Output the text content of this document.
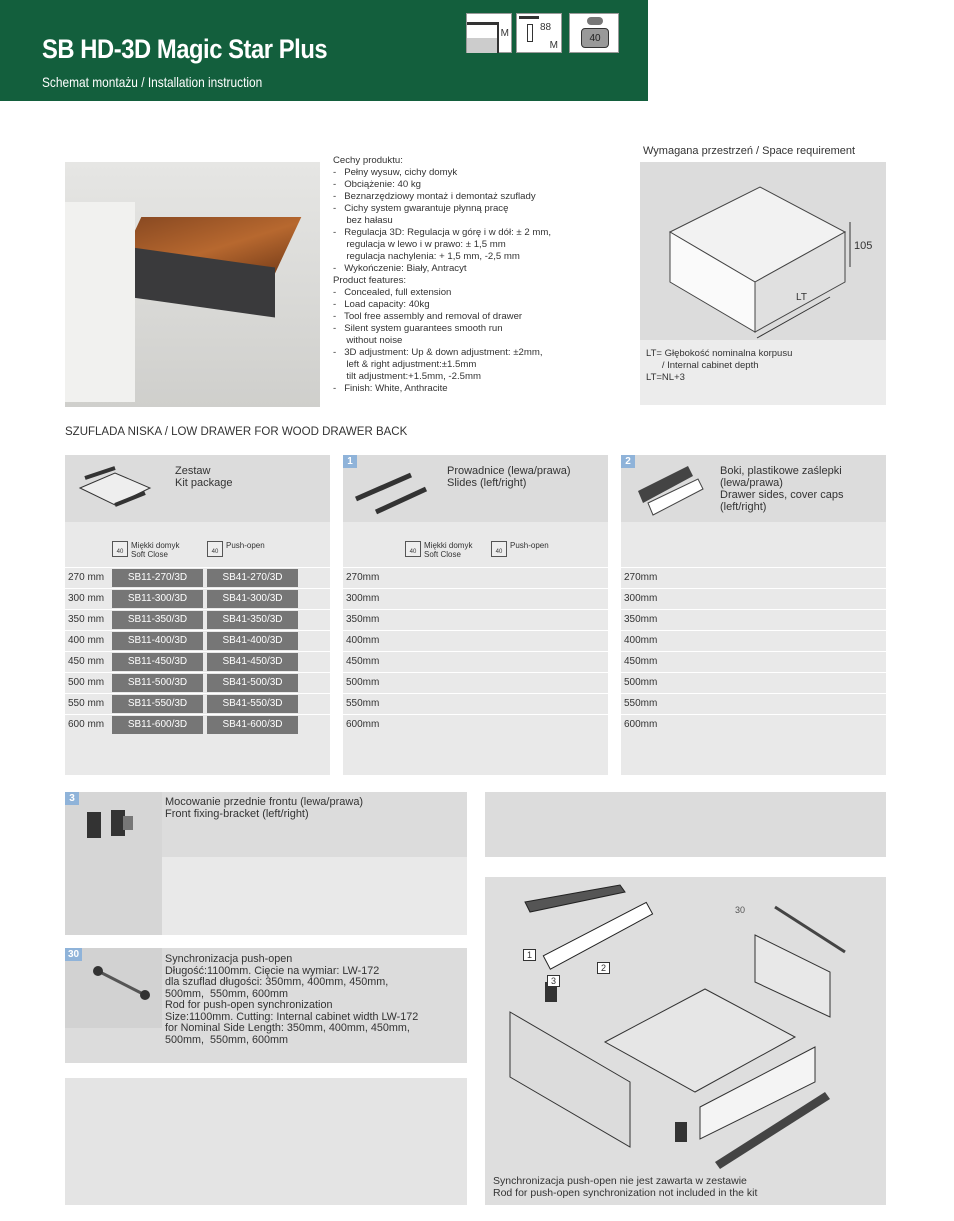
SB HD-3D Magic Star Plus
Schemat montażu / Installation instruction
M
88
M
40
Cechy produktu:
-   Pełny wysuw, cichy domyk
-   Obciążenie: 40 kg
-   Beznarzędziowy montaż i demontaż szuflady
-   Cichy system gwarantuje płynną pracę
bez hałasu
-   Regulacja 3D: Regulacja w górę i w dół: ± 2 mm,
regulacja w lewo i w prawo: ± 1,5 mm
regulacja nachylenia: + 1,5 mm, -2,5 mm
-   Wykończenie: Biały, Antracyt
Product features:
-   Concealed, full extension
-   Load capacity: 40kg
-   Tool free assembly and removal of drawer
-   Silent system guarantees smooth run
without noise
-   3D adjustment: Up & down adjustment: ±2mm,
left & right adjustment:±1.5mm
tilt adjustment:+1.5mm, -2.5mm
-   Finish: White, Anthracite
Wymagana przestrzeń / Space requirement
105
LT
LT= Głębokość nominalna korpusu
/ Internal cabinet depth
LT=NL+3
SZUFLADA NISKA / LOW DRAWER FOR WOOD DRAWER BACK
Zestaw
Kit package
40Miękki domyk
Soft Close	40Push-open
270 mm	SB11-270/3D	SB41-270/3D
300 mm	SB11-300/3D	SB41-300/3D
350 mm	SB11-350/3D	SB41-350/3D
400 mm	SB11-400/3D	SB41-400/3D
450 mm	SB11-450/3D	SB41-450/3D
500 mm	SB11-500/3D	SB41-500/3D
550 mm	SB11-550/3D	SB41-550/3D
600 mm	SB11-600/3D	SB41-600/3D
1
Prowadnice (lewa/prawa)
Slides (left/right)
40Miękki domyk
Soft Close	40Push-open
270mm
300mm
350mm
400mm
450mm
500mm
550mm
600mm
2
Boki, plastikowe zaślepki
(lewa/prawa)
Drawer sides, cover caps
(left/right)
270mm
300mm
350mm
400mm
450mm
500mm
550mm
600mm
3	Mocowanie przednie frontu (lewa/prawa)
Front fixing-bracket (left/right)
30	Synchronizacja push-open
Długość:1100mm. Cięcie na wymiar: LW-172
dla szuflad długości: 350mm, 400mm, 450mm,
500mm,  550mm, 600mm
Rod for push-open synchronization
Size:1100mm. Cutting: Internal cabinet width LW-172
for Nominal Side Length: 350mm, 400mm, 450mm,
500mm,  550mm, 600mm
1
2
3
30
Synchronizacja push-open nie jest zawarta w zestawie
Rod for push-open synchronization not included in the kit
